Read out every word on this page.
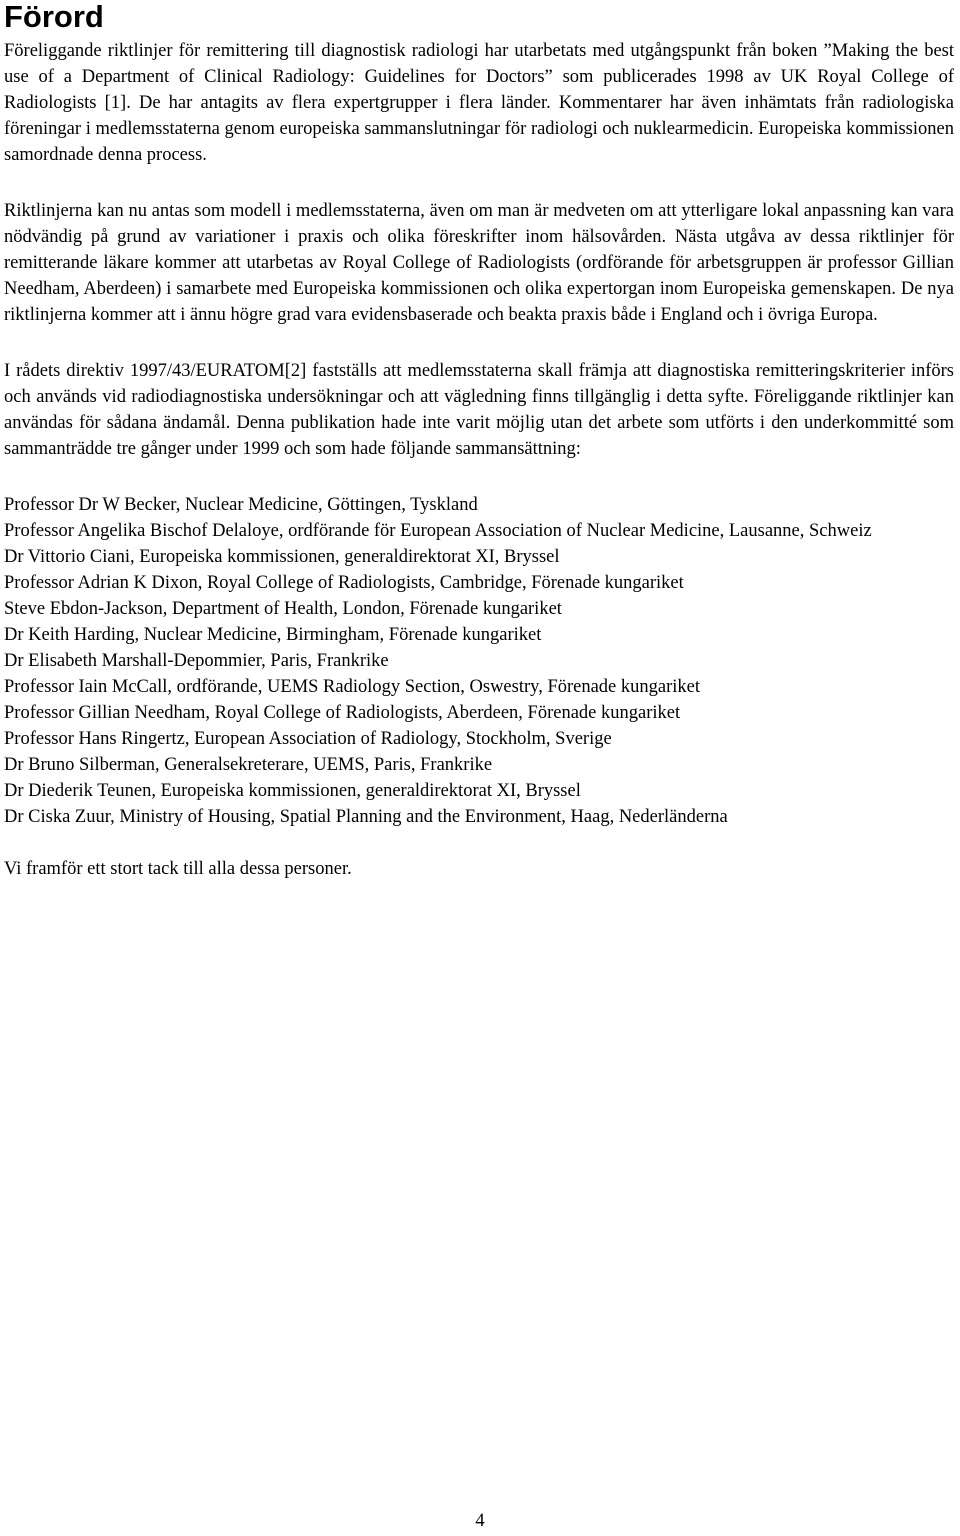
Förord

Föreliggande riktlinjer för remittering till diagnostisk radiologi har utarbetats med utgångspunkt från boken ”Making the best use of a Department of Clinical Radiology: Guidelines for Doctors” som publicerades 1998 av UK Royal College of Radiologists [1]. De har antagits av flera expertgrupper i flera länder. Kommentarer har även inhämtats från radiologiska föreningar i medlemsstaterna genom europeiska sammanslutningar för radiologi och nuklearmedicin. Europeiska kommissionen samordnade denna process.

Riktlinjerna kan nu antas som modell i medlemsstaterna, även om man är medveten om att ytterligare lokal anpassning kan vara nödvändig på grund av variationer i praxis och olika föreskrifter inom hälsovården. Nästa utgåva av dessa riktlinjer för remitterande läkare kommer att utarbetas av Royal College of Radiologists (ordförande för arbetsgruppen är professor Gillian Needham, Aberdeen) i samarbete med Europeiska kommissionen och olika expertorgan inom Europeiska gemenskapen. De nya riktlinjerna kommer att i ännu högre grad vara evidensbaserade och beakta praxis både i England och i övriga Europa.

I rådets direktiv 1997/43/EURATOM[2] fastställs att medlemsstaterna skall främja att diagnostiska remitteringskriterier införs och används vid radiodiagnostiska undersökningar och att vägledning finns tillgänglig i detta syfte. Föreliggande riktlinjer kan användas för sådana ändamål. Denna publikation hade inte varit möjlig utan det arbete som utförts i den underkommitté som sammanträdde tre gånger under 1999 och som hade följande sammansättning:

Professor Dr W Becker, Nuclear Medicine, Göttingen, Tyskland
Professor Angelika Bischof Delaloye, ordförande för European Association of Nuclear Medicine, Lausanne, Schweiz
Dr Vittorio Ciani, Europeiska kommissionen, generaldirektorat XI, Bryssel
Professor Adrian K Dixon, Royal College of Radiologists, Cambridge, Förenade kungariket
Steve Ebdon-Jackson, Department of Health, London, Förenade kungariket
Dr Keith Harding, Nuclear Medicine, Birmingham, Förenade kungariket
Dr Elisabeth Marshall-Depommier, Paris, Frankrike
Professor Iain McCall, ordförande, UEMS Radiology Section, Oswestry, Förenade kungariket
Professor Gillian Needham, Royal College of Radiologists, Aberdeen, Förenade kungariket
Professor Hans Ringertz, European Association of Radiology, Stockholm, Sverige
Dr Bruno Silberman, Generalsekreterare, UEMS, Paris, Frankrike
Dr Diederik Teunen, Europeiska kommissionen, generaldirektorat XI, Bryssel
Dr Ciska Zuur, Ministry of Housing, Spatial Planning and the Environment, Haag, Nederländerna

Vi framför ett stort tack till alla dessa personer.

4
